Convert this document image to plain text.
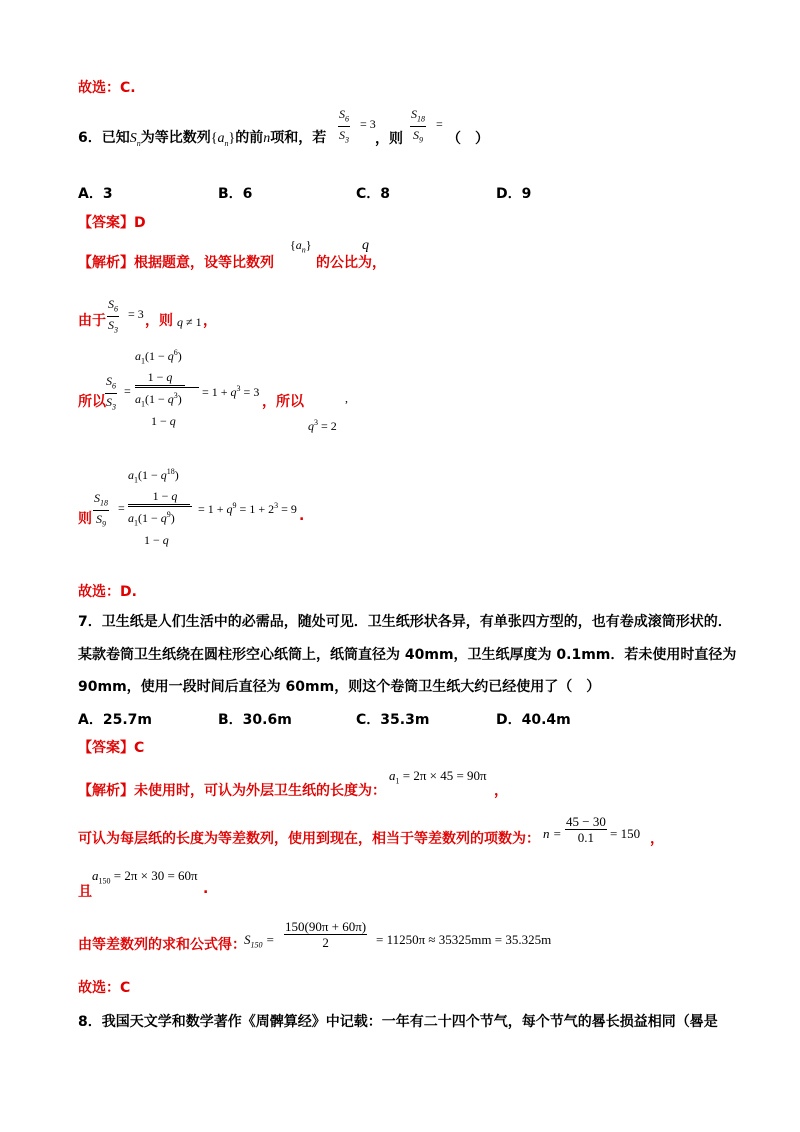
故选：C.
6．已知$S_n$为等比数列$\{a_n\}$的前n项和，若 $\frac{S_6}{S_3} = 3$
，则 $\frac{S_{18}}{S_9}$ =
（　）
A．3	B．6	C．8	D．9
【答案】D
【解析】根据题意，设等比数列
$\{a_n\}$
的公比为
q
，
由于 $\frac{S_6}{S_3} = 3$ ，则 q ≠ 1 ，
所以 $\frac{S_6}{S_3}$ =
$a_1(1 - q^6)$
1 − q
$a_1(1 - q^3)$
1 − q
= $1 + q^3 = 3$
，所以	,
$q^3 = 2$
则 $\frac{S_{18}}{S_9}$ =
$a_1(1 - q^{18})$
1 − q
$a_1(1 - q^9)$
1 − q
= $1 + q^9 = 1 + 2^3 = 9$ .
故选：D.
7．卫生纸是人们生活中的必需品，随处可见．卫生纸形状各异，有单张四方型的，也有卷成滚筒形状的．
某款卷筒卫生纸绕在圆柱形空心纸筒上，纸筒直径为 40mm，卫生纸厚度为 0.1mm．若未使用时直径为
90mm，使用一段时间后直径为 60mm，则这个卷筒卫生纸大约已经使用了（　）
A．25.7m	B．30.6m	C．35.3m	D．40.4m
【答案】C
【解析】未使用时，可认为外层卫生纸的长度为：
$a_1 = 2\pi \times 45 = 90\pi$
，
可认为每层纸的长度为等差数列，使用到现在，相当于等差数列的项数为： $n = \frac{45 - 30}{0.1} = 150$ ，
且
$a_{150} = 2\pi \times 30 = 60\pi$
.
由等差数列的求和公式得：
$S_{150} = \frac{150(90\pi + 60\pi)}{2} = 11250\pi \approx 35325mm = 35.325m$
故选：C
8．我国天文学和数学著作《周髀算经》中记载：一年有二十四个节气，每个节气的晷长损益相同（晷是
